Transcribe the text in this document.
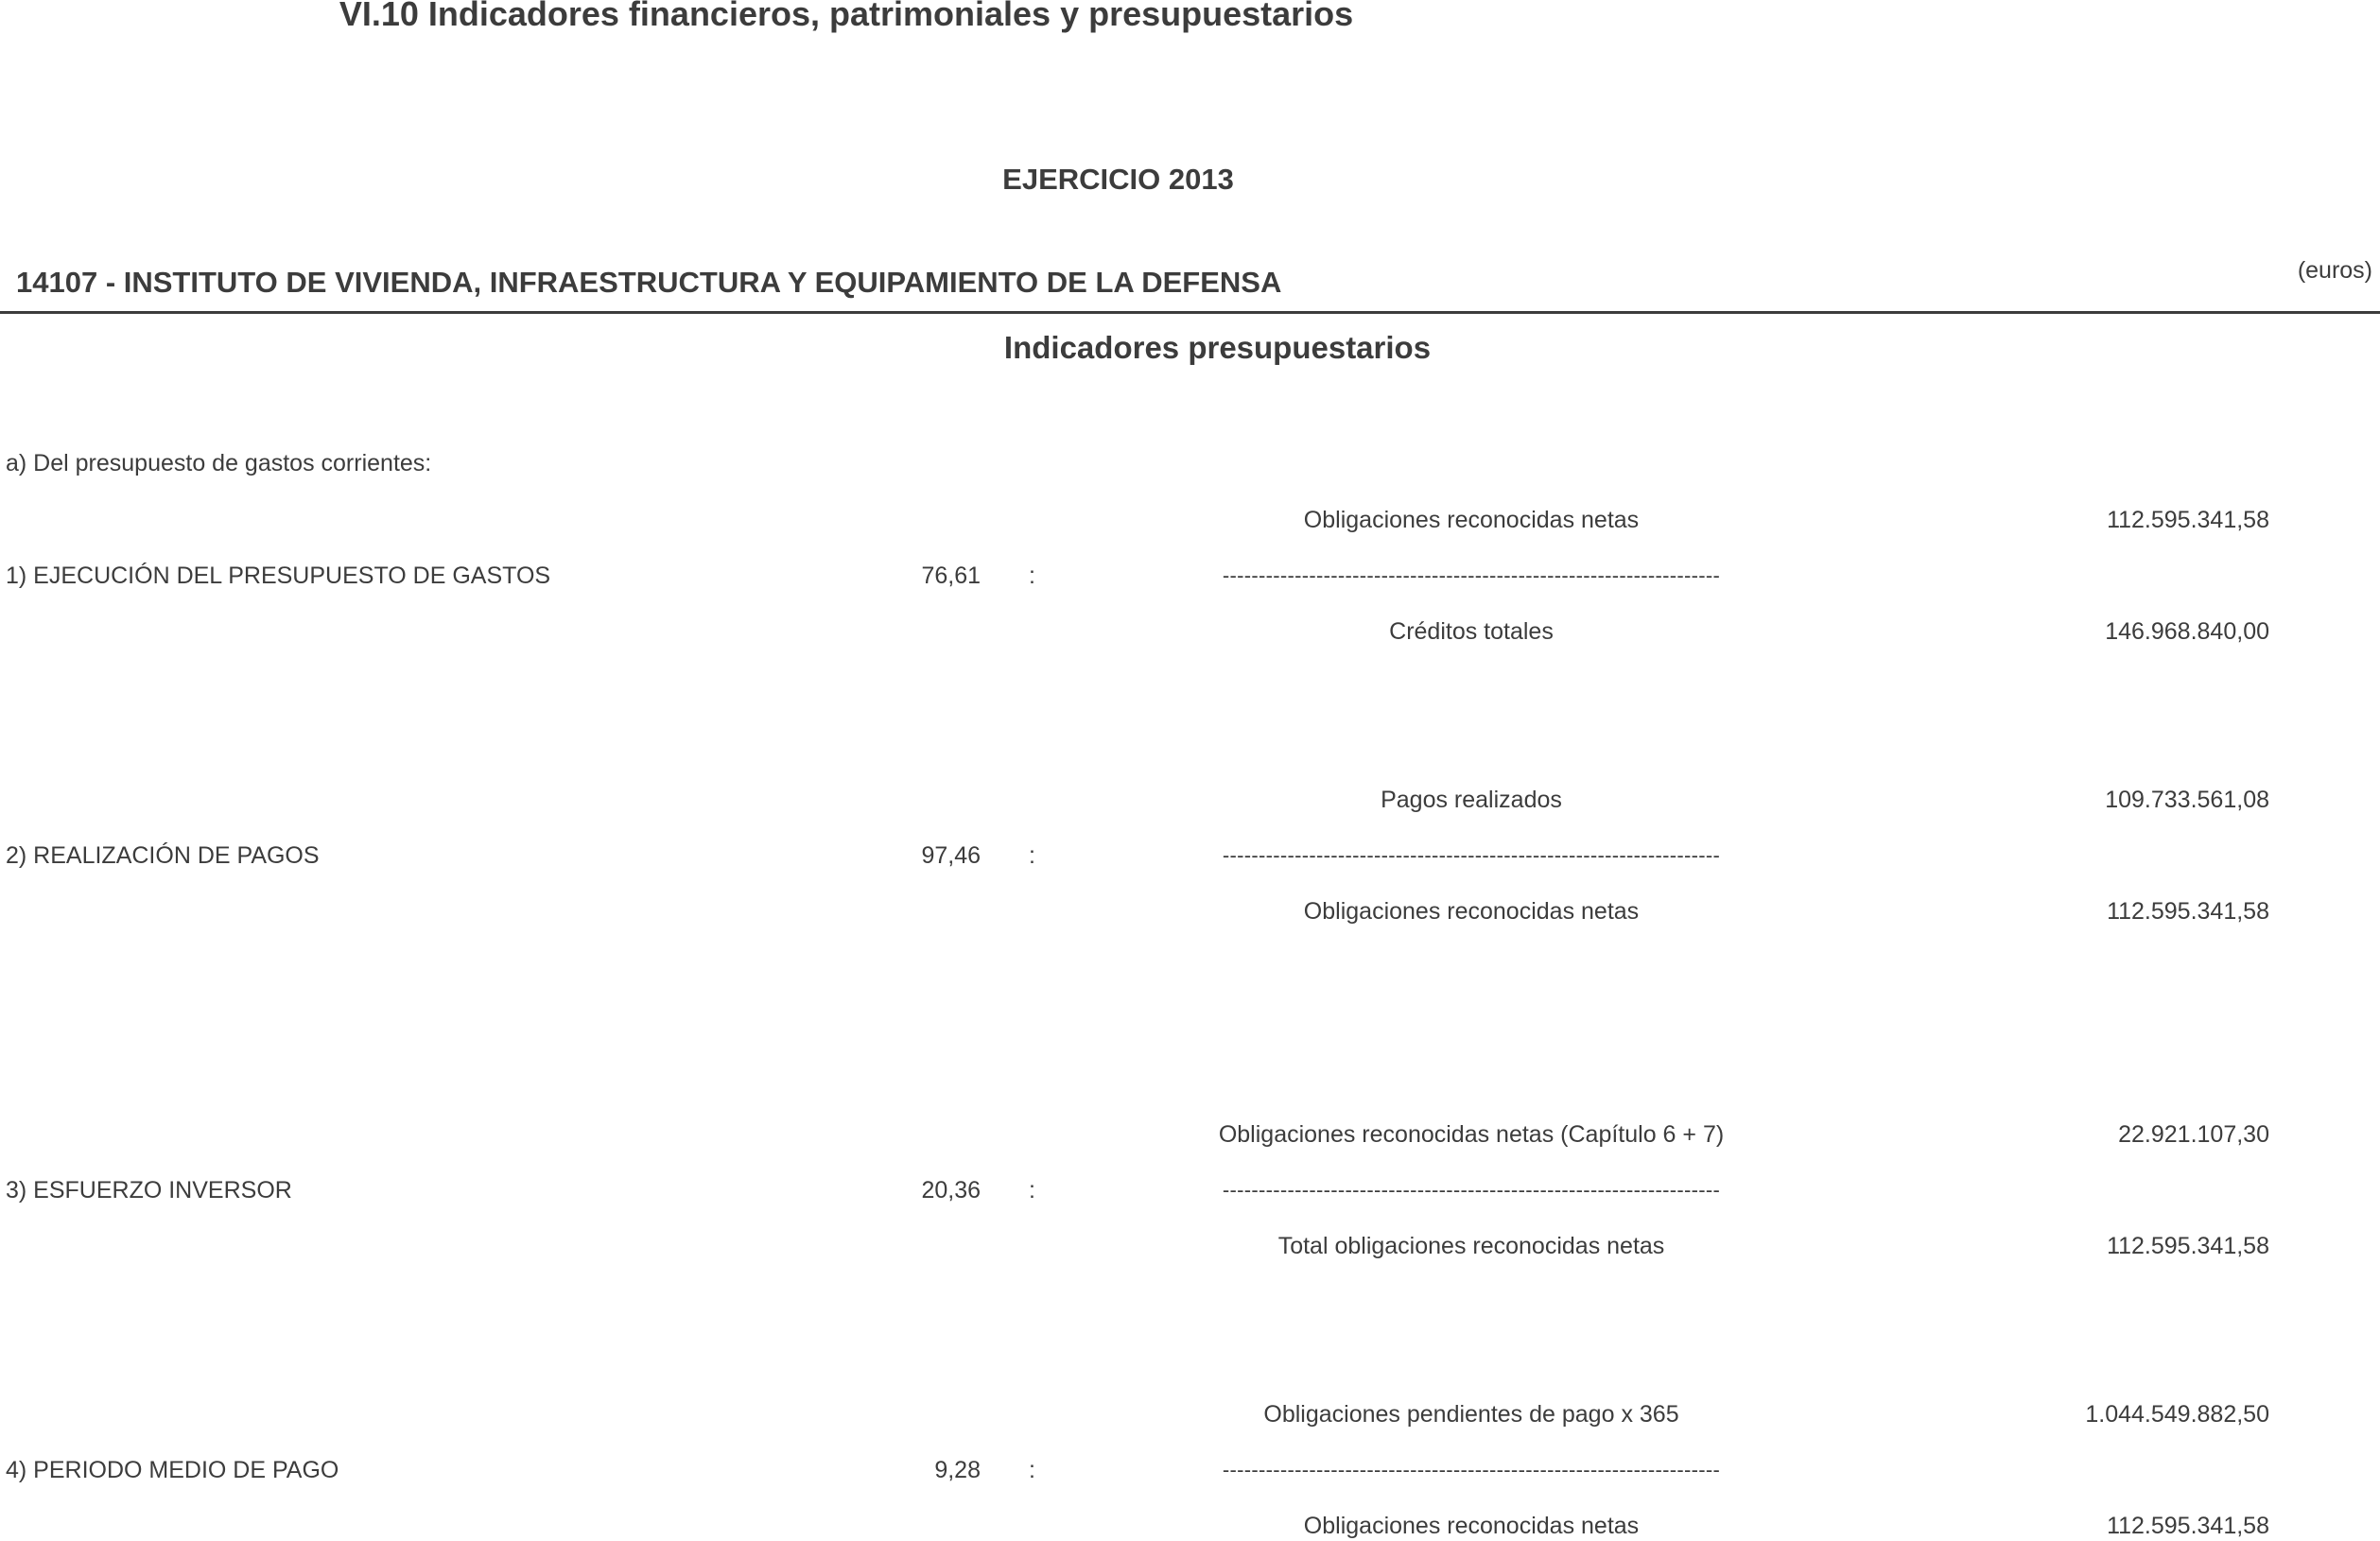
VI.10 Indicadores financieros, patrimoniales y presupuestarios
EJERCICIO 2013
14107 - INSTITUTO DE VIVIENDA, INFRAESTRUCTURA Y EQUIPAMIENTO DE LA DEFENSA	(euros)
Indicadores presupuestarios
a) Del presupuesto de gastos corrientes:
Obligaciones reconocidas netas	112.595.341,58
1) EJECUCIÓN DEL PRESUPUESTO DE GASTOS	76,61 :	---------------------------------------------------------------------
Créditos totales	146.968.840,00
Pagos realizados	109.733.561,08
2) REALIZACIÓN DE PAGOS	97,46 :	---------------------------------------------------------------------
Obligaciones reconocidas netas	112.595.341,58
Obligaciones reconocidas netas (Capítulo 6 + 7)	22.921.107,30
3) ESFUERZO INVERSOR	20,36 :	---------------------------------------------------------------------
Total obligaciones reconocidas netas	112.595.341,58
Obligaciones pendientes de pago x 365	1.044.549.882,50
4) PERIODO MEDIO DE PAGO	9,28 :	---------------------------------------------------------------------
Obligaciones reconocidas netas	112.595.341,58
